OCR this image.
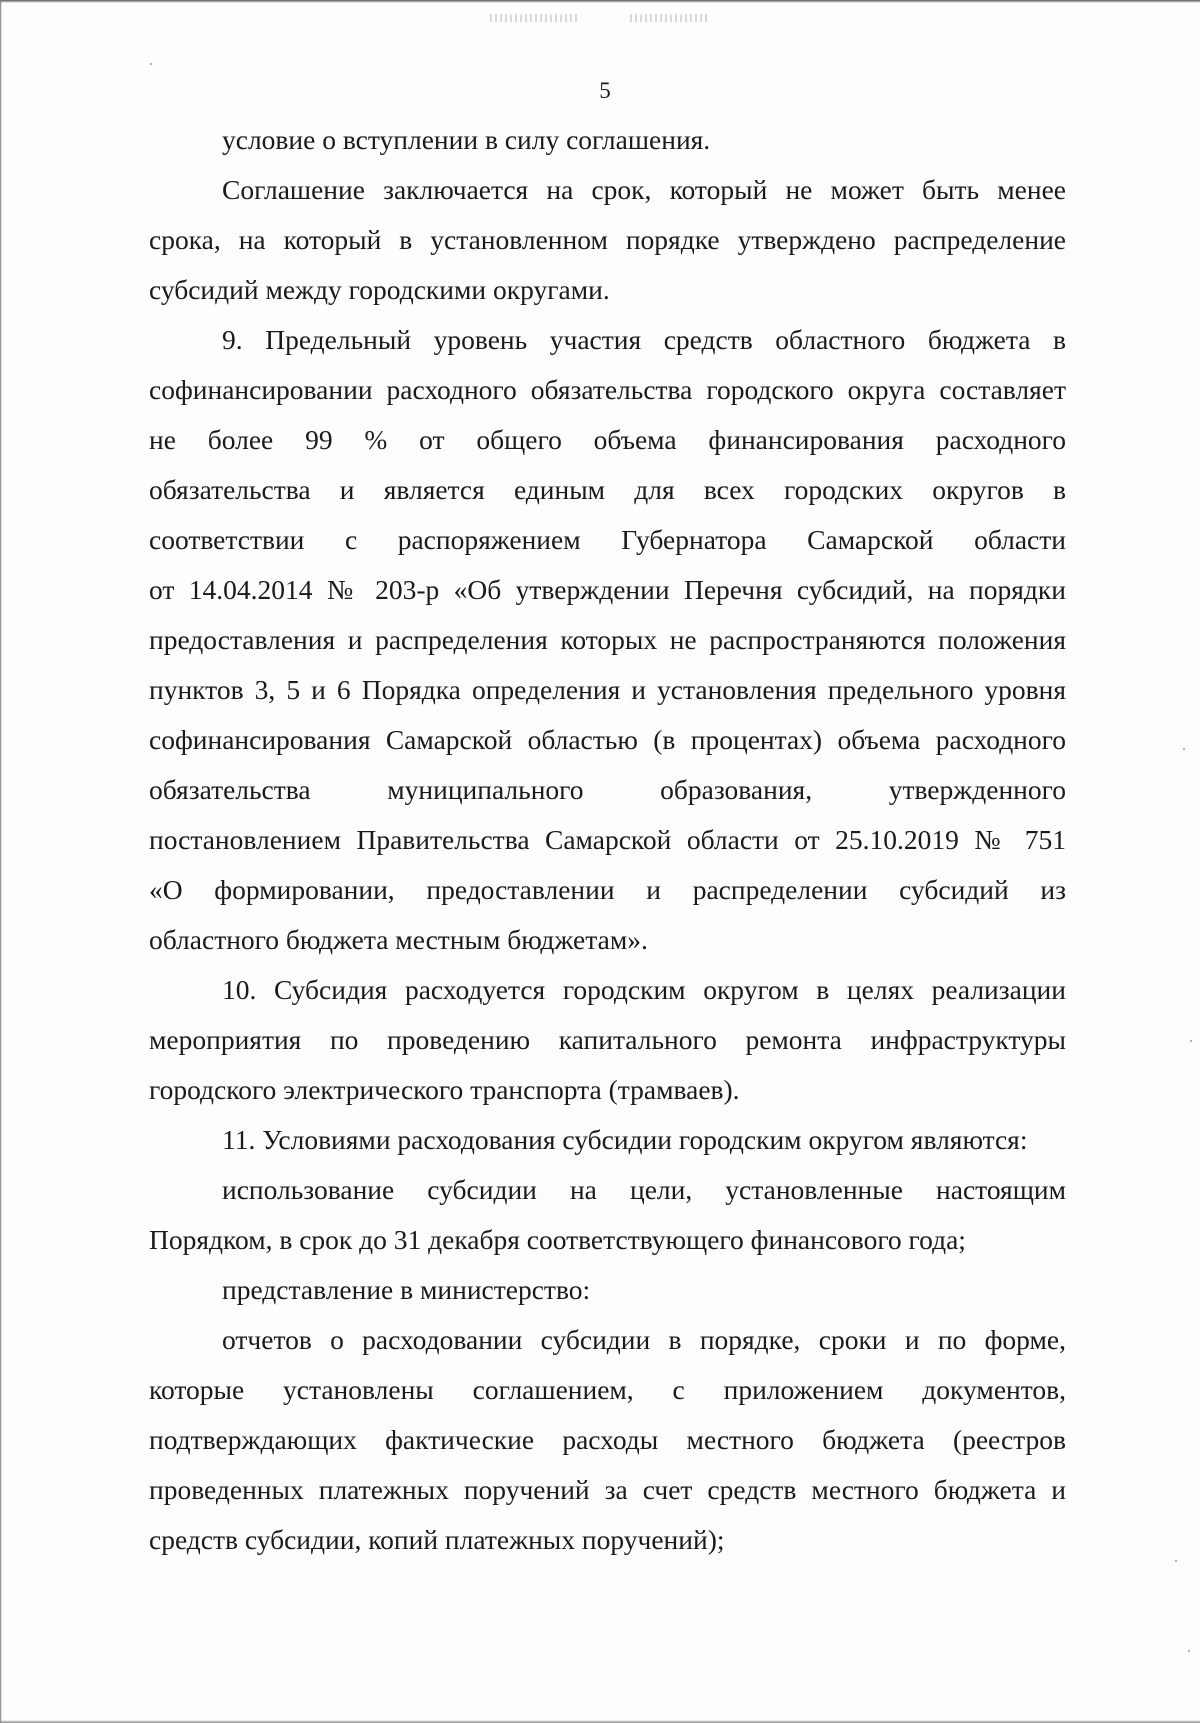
5
условие о вступлении в силу соглашения.
Соглашение заключается на срок, который не может быть менее
срока, на который в установленном порядке утверждено распределение
субсидий между городскими округами.
9. Предельный уровень участия средств областного бюджета в
софинансировании расходного обязательства городского округа составляет
не более 99 % от общего объема финансирования расходного
обязательства и является единым для всех городских округов в
соответствии с распоряжением Губернатора Самарской области
от 14.04.2014 № 203-р «Об утверждении Перечня субсидий, на порядки
предоставления и распределения которых не распространяются положения
пунктов 3, 5 и 6 Порядка определения и установления предельного уровня
софинансирования Самарской областью (в процентах) объема расходного
обязательства муниципального образования, утвержденного
постановлением Правительства Самарской области от 25.10.2019 № 751
«О формировании, предоставлении и распределении субсидий из
областного бюджета местным бюджетам».
10. Субсидия расходуется городским округом в целях реализации
мероприятия по проведению капитального ремонта инфраструктуры
городского электрического транспорта (трамваев).
11. Условиями расходования субсидии городским округом являются:
использование субсидии на цели, установленные настоящим
Порядком, в срок до 31 декабря соответствующего финансового года;
представление в министерство:
отчетов о расходовании субсидии в порядке, сроки и по форме,
которые установлены соглашением, с приложением документов,
подтверждающих фактические расходы местного бюджета (реестров
проведенных платежных поручений за счет средств местного бюджета и
средств субсидии, копий платежных поручений);
